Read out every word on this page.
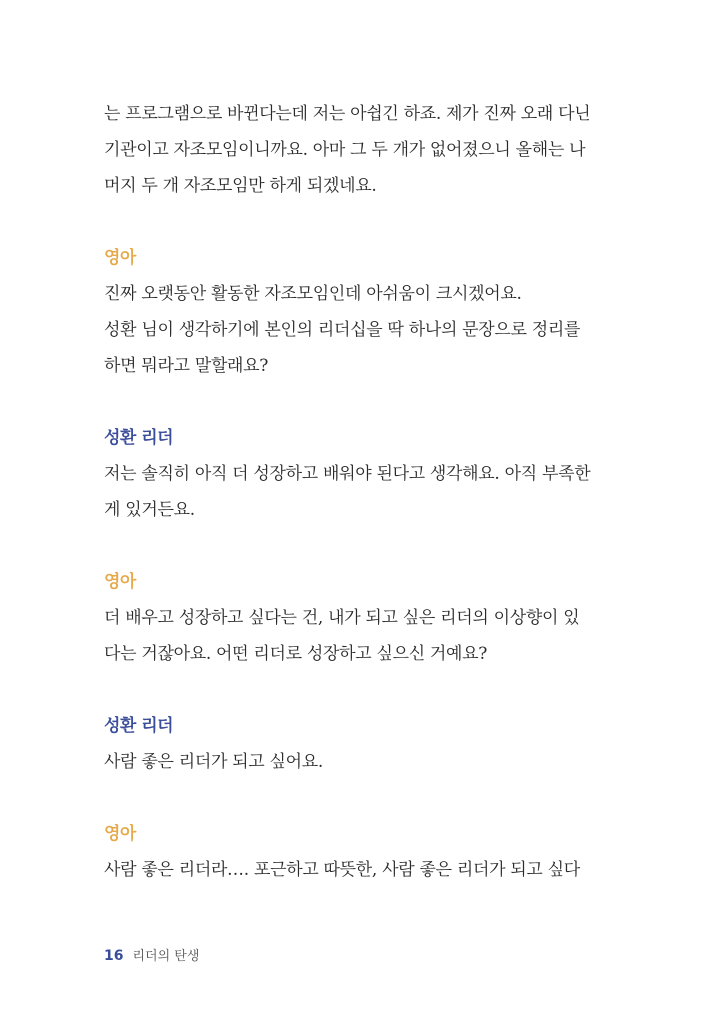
는 프로그램으로 바뀐다는데 저는 아쉽긴 하죠. 제가 진짜 오래 다닌

기관이고 자조모임이니까요. 아마 그 두 개가 없어졌으니 올해는 나

머지 두 개 자조모임만 하게 되겠네요.

영아

진짜 오랫동안 활동한 자조모임인데 아쉬움이 크시겠어요.

성환 님이 생각하기에 본인의 리더십을 딱 하나의 문장으로 정리를

하면 뭐라고 말할래요?

성환 리더

저는 솔직히 아직 더 성장하고 배워야 된다고 생각해요. 아직 부족한

게 있거든요.

영아

더 배우고 성장하고 싶다는 건, 내가 되고 싶은 리더의 이상향이 있

다는 거잖아요. 어떤 리더로 성장하고 싶으신 거예요?

성환 리더

사람 좋은 리더가 되고 싶어요.

영아

사람 좋은 리더라…. 포근하고 따뜻한, 사람 좋은 리더가 되고 싶다

16 리더의 탄생
